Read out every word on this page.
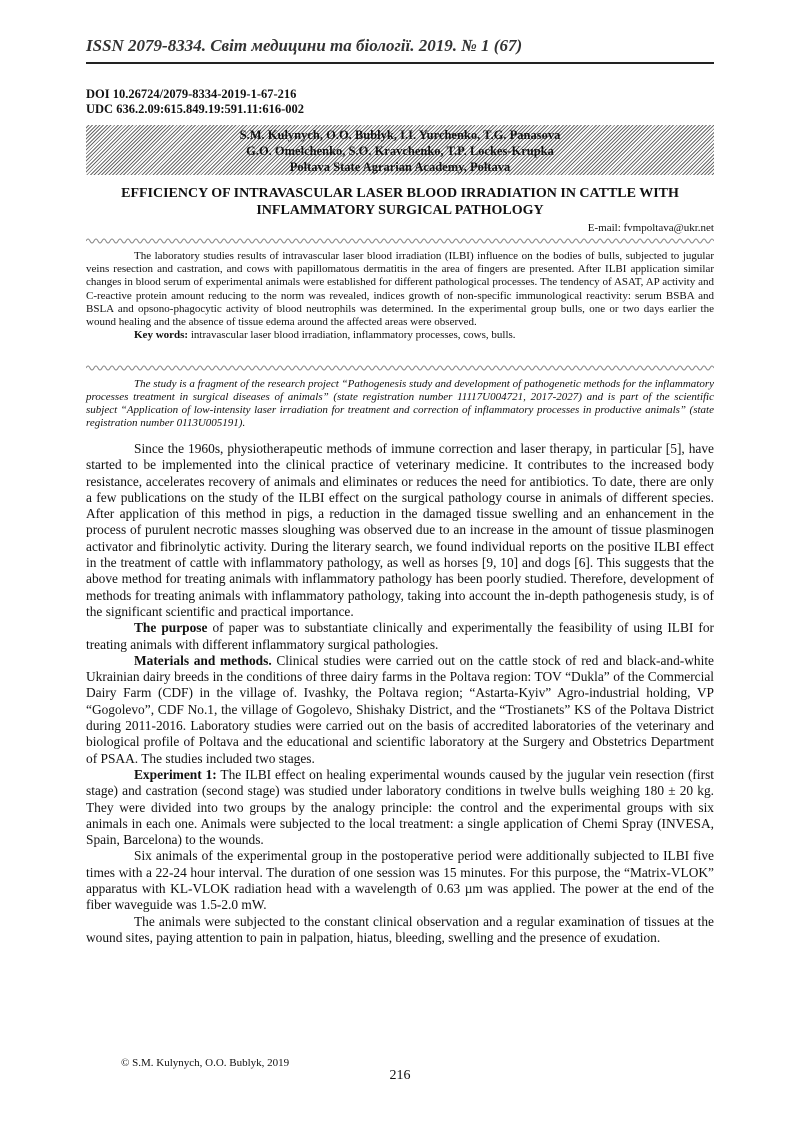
ISSN 2079-8334. Світ медицини та біології. 2019. № 1 (67)
DOI 10.26724/2079-8334-2019-1-67-216
UDC 636.2.09:615.849.19:591.11:616-002
S.M. Kulynych, O.O. Bublyk, I.I. Yurchenko, T.G. Panasova
G.O. Omelchenko, S.O. Kravchenko, T.P. Lockes-Krupka
Poltava State Agrarian Academy, Poltava
EFFICIENCY OF INTRAVASCULAR LASER BLOOD IRRADIATION IN CATTLE WITH INFLAMMATORY SURGICAL PATHOLOGY
E-mail: fvmpoltava@ukr.net

The laboratory studies results of intravascular laser blood irradiation (ILBI) influence on the bodies of bulls, subjected to jugular veins resection and castration, and cows with papillomatous dermatitis in the area of fingers are presented. After ILBI application similar changes in blood serum of experimental animals were established for different pathological processes. The tendency of ASAT, AP activity and C-reactive protein amount reducing to the norm was revealed, indices growth of non-specific immunological reactivity: serum BSBA and BSLA and opsono-phagocytic activity of blood neutrophils was determined. In the experimental group bulls, one or two days earlier the wound healing and the absence of tissue edema around the affected areas were observed.

Key words: intravascular laser blood irradiation, inflammatory processes, cows, bulls.

The study is a fragment of the research project “Pathogenesis study and development of pathogenetic methods for the inflammatory processes treatment in surgical diseases of animals” (state registration number 11117U004721, 2017-2027) and is part of the scientific subject “Application of low-intensity laser irradiation for treatment and correction of inflammatory processes in productive animals” (state registration number 0113U005191).

Since the 1960s, physiotherapeutic methods of immune correction and laser therapy, in particular [5], have started to be implemented into the clinical practice of veterinary medicine. It contributes to the increased body resistance, accelerates recovery of animals and eliminates or reduces the need for antibiotics. To date, there are only a few publications on the study of the ILBI effect on the surgical pathology course in animals of different species. After application of this method in pigs, a reduction in the damaged tissue swelling and an enhancement in the process of purulent necrotic masses sloughing was observed due to an increase in the amount of tissue plasminogen activator and fibrinolytic activity. During the literary search, we found individual reports on the positive ILBI effect in the treatment of cattle with inflammatory pathology, as well as horses [9, 10] and dogs [6]. This suggests that the above method for treating animals with inflammatory pathology has been poorly studied. Therefore, development of methods for treating animals with inflammatory pathology, taking into account the in-depth pathogenesis study, is of the significant scientific and practical importance.

The purpose of paper was to substantiate clinically and experimentally the feasibility of using ILBI for treating animals with different inflammatory surgical pathologies.

Materials and methods. Clinical studies were carried out on the cattle stock of red and black-and-white Ukrainian dairy breeds in the conditions of three dairy farms in the Poltava region: TOV “Dukla” of the Commercial Dairy Farm (CDF) in the village of. Ivashky, the Poltava region; “Astarta-Kyiv” Agro-industrial holding, VP “Gogolevo”, CDF No.1, the village of Gogolevo, Shishaky District, and the “Trostianets” KS of the Poltava District during 2011-2016. Laboratory studies were carried out on the basis of accredited laboratories of the veterinary and biological profile of Poltava and the educational and scientific laboratory at the Surgery and Obstetrics Department of PSAA. The studies included two stages.

Experiment 1: The ILBI effect on healing experimental wounds caused by the jugular vein resection (first stage) and castration (second stage) was studied under laboratory conditions in twelve bulls weighing 180 ± 20 kg. They were divided into two groups by the analogy principle: the control and the experimental groups with six animals in each one. Animals were subjected to the local treatment: a single application of Chemi Spray (INVESA, Spain, Barcelona) to the wounds.

Six animals of the experimental group in the postoperative period were additionally subjected to ILBI five times with a 22-24 hour interval. The duration of one session was 15 minutes. For this purpose, the “Matrix-VLOK” apparatus with KL-VLOK radiation head with a wavelength of 0.63 µm was applied. The power at the end of the fiber waveguide was 1.5-2.0 mW.

The animals were subjected to the constant clinical observation and a regular examination of tissues at the wound sites, paying attention to pain in palpation, hiatus, bleeding, swelling and the presence of exudation.

© S.M. Kulynych, O.O. Bublyk, 2019
216
